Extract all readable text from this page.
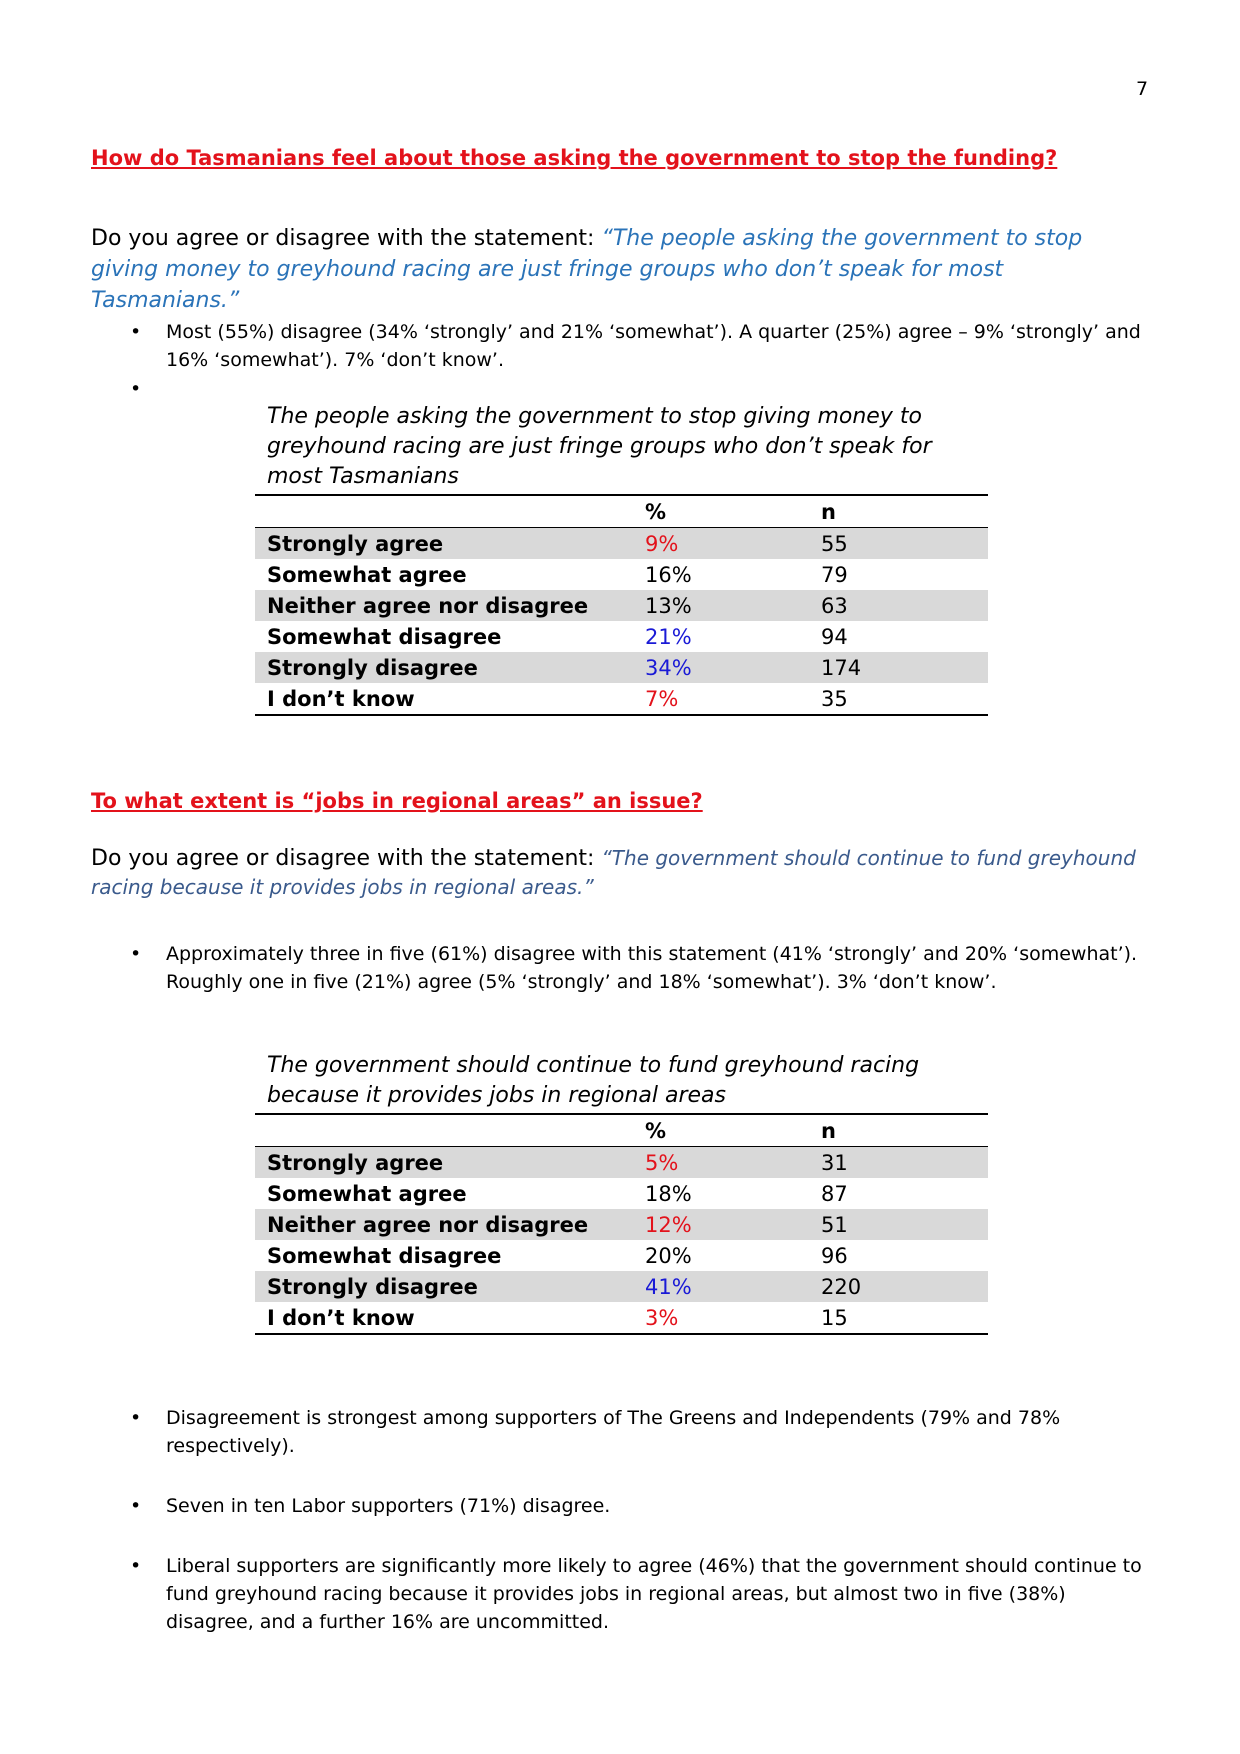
7
How do Tasmanians feel about those asking the government to stop the funding?

Do you agree or disagree with the statement: “The people asking the government to stop giving money to greyhound racing are just fringe groups who don’t speak for most Tasmanians.”

• Most (55%) disagree (34% ‘strongly’ and 21% ‘somewhat’). A quarter (25%) agree – 9% ‘strongly’ and 16% ‘somewhat’). 7% ‘don’t know’.
•
The people asking the government to stop giving money to greyhound racing are just fringe groups who don’t speak for most Tasmanians
	%	n
Strongly agree	9%	55
Somewhat agree	16%	79
Neither agree nor disagree	13%	63
Somewhat disagree	21%	94
Strongly disagree	34%	174
I don’t know	7%	35
To what extent is “jobs in regional areas” an issue?

Do you agree or disagree with the statement: “The government should continue to fund greyhound racing because it provides jobs in regional areas.”

• Approximately three in five (61%) disagree with this statement (41% ‘strongly’ and 20% ‘somewhat’). Roughly one in five (21%) agree (5% ‘strongly’ and 18% ‘somewhat’). 3% ‘don’t know’.
The government should continue to fund greyhound racing because it provides jobs in regional areas
	%	n
Strongly agree	5%	31
Somewhat agree	18%	87
Neither agree nor disagree	12%	51
Somewhat disagree	20%	96
Strongly disagree	41%	220
I don’t know	3%	15
• Disagreement is strongest among supporters of The Greens and Independents (79% and 78% respectively).
• Seven in ten Labor supporters (71%) disagree.
• Liberal supporters are significantly more likely to agree (46%) that the government should continue to fund greyhound racing because it provides jobs in regional areas, but almost two in five (38%) disagree, and a further 16% are uncommitted.
